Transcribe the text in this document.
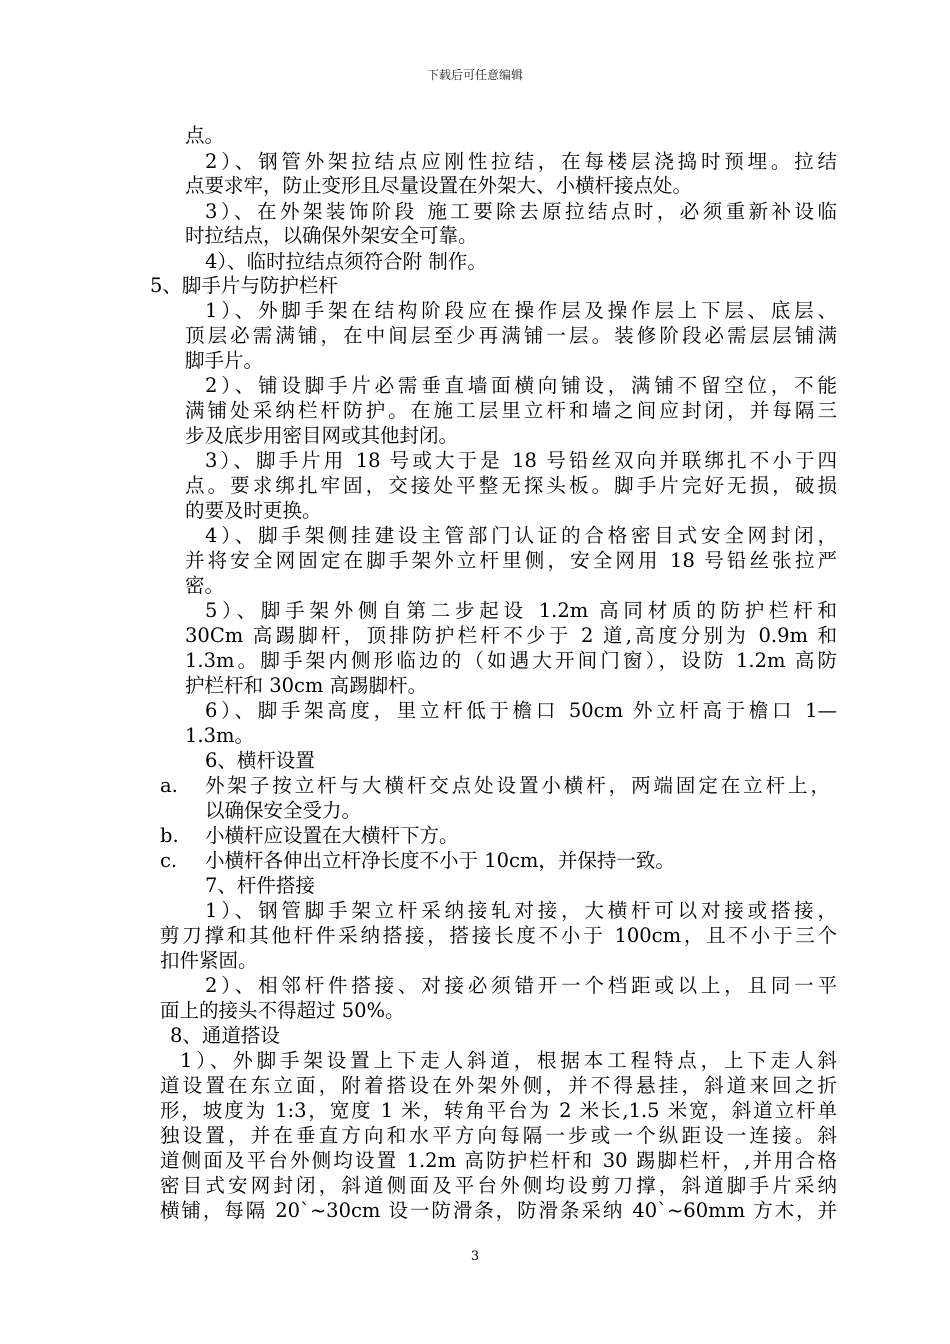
下载后可任意编辑
点。
2）、钢管外架拉结点应刚性拉结，在每楼层浇捣时预埋。拉结
点要求牢，防止变形且尽量设置在外架大、小横杆接点处。
3）、在外架装饰阶段 施工要除去原拉结点时，必须重新补设临
时拉结点，以确保外架安全可靠。
4）、临时拉结点须符合附 制作。
5、脚手片与防护栏杆
1）、外脚手架在结构阶段应在操作层及操作层上下层、底层、
顶层必需满铺，在中间层至少再满铺一层。装修阶段必需层层铺满
脚手片。
2）、铺设脚手片必需垂直墙面横向铺设，满铺不留空位，不能
满铺处采纳栏杆防护。在施工层里立杆和墙之间应封闭，并每隔三
步及底步用密目网或其他封闭。
3）、脚手片用 18 号或大于是 18 号铅丝双向并联绑扎不小于四
点。要求绑扎牢固，交接处平整无探头板。脚手片完好无损，破损
的要及时更换。
4）、脚手架侧挂建设主管部门认证的合格密目式安全网封闭，
并将安全网固定在脚手架外立杆里侧，安全网用 18 号铅丝张拉严
密。
5）、脚手架外侧自第二步起设 1.2m 高同材质的防护栏杆和
30Cm 高踢脚杆，顶排防护栏杆不少于 2 道,高度分别为 0.9m 和
1.3m。脚手架内侧形临边的（如遇大开间门窗），设防 1.2m 高防
护栏杆和 30cm 高踢脚杆。
6）、脚手架高度，里立杆低于檐口 50cm 外立杆高于檐口 1—
1.3m。
6、横杆设置
a. 外架子按立杆与大横杆交点处设置小横杆，两端固定在立杆上，
以确保安全受力。
b. 小横杆应设置在大横杆下方。
c. 小横杆各伸出立杆净长度不小于 10cm，并保持一致。
7、杆件搭接
1）、钢管脚手架立杆采纳接轧对接，大横杆可以对接或搭接，
剪刀撑和其他杆件采纳搭接，搭接长度不小于 100cm，且不小于三个
扣件紧固。
2）、相邻杆件搭接、对接必须错开一个档距或以上，且同一平
面上的接头不得超过 50%。
8、通道搭设
1）、外脚手架设置上下走人斜道，根据本工程特点，上下走人斜
道设置在东立面，附着搭设在外架外侧，并不得悬挂，斜道来回之折
形，坡度为 1:3，宽度 1 米，转角平台为 2 米长,1.5 米宽，斜道立杆单
独设置，并在垂直方向和水平方向每隔一步或一个纵距设一连接。斜
道侧面及平台外侧均设置 1.2m 高防护栏杆和 30 踢脚栏杆，,并用合格
密目式安网封闭，斜道侧面及平台外侧均设剪刀撑，斜道脚手片采纳
横铺，每隔 20`~30cm 设一防滑条，防滑条采纳 40`~60mm 方木，并
3
